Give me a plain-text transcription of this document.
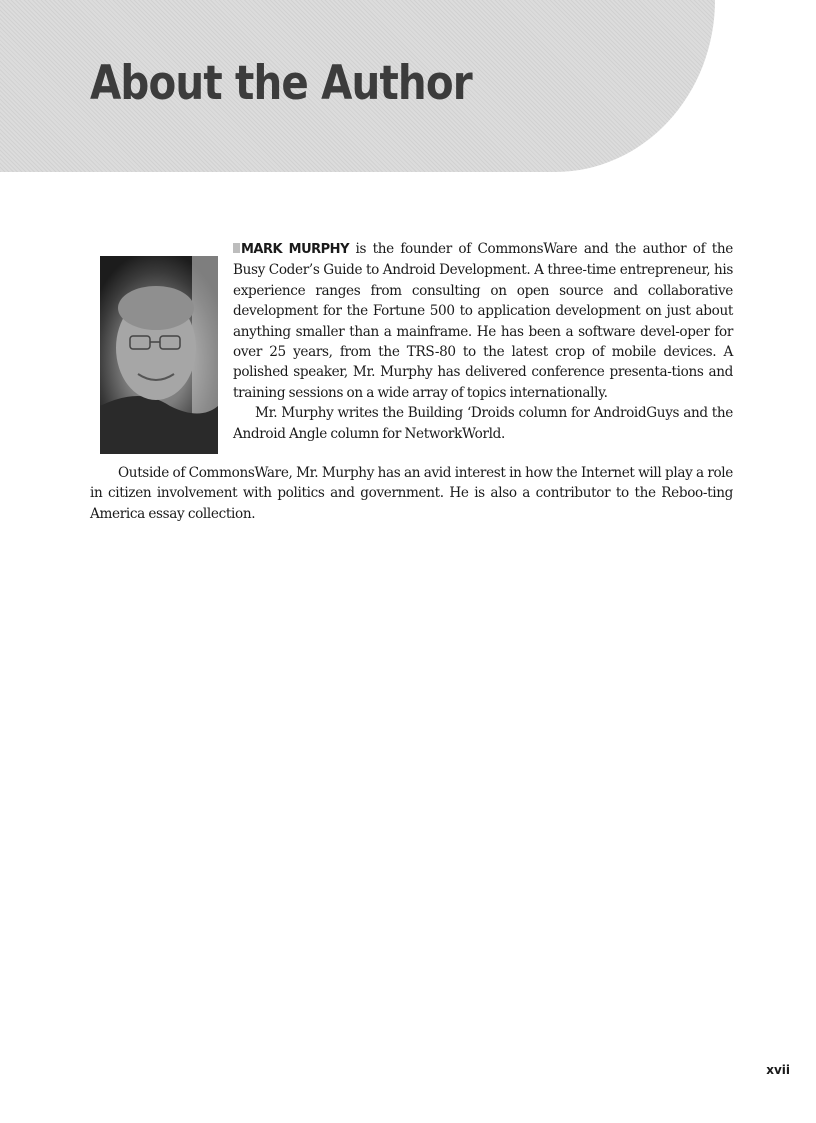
About the Author

MARK MURPHY is the founder of CommonsWare and the author of the Busy Coder’s Guide to Android Development. A three-time entrepreneur, his experience ranges from consulting on open source and collaborative development for the Fortune 500 to application development on just about anything smaller than a mainframe. He has been a software devel-oper for over 25 years, from the TRS-80 to the latest crop of mobile devices. A polished speaker, Mr. Murphy has delivered conference presenta-tions and training sessions on a wide array of topics internationally.

Mr. Murphy writes the Building ‘Droids column for AndroidGuys and the Android Angle column for NetworkWorld.

Outside of CommonsWare, Mr. Murphy has an avid interest in how the Internet will play a role in citizen involvement with politics and government. He is also a contributor to the Reboo-ting America essay collection.

xvii
